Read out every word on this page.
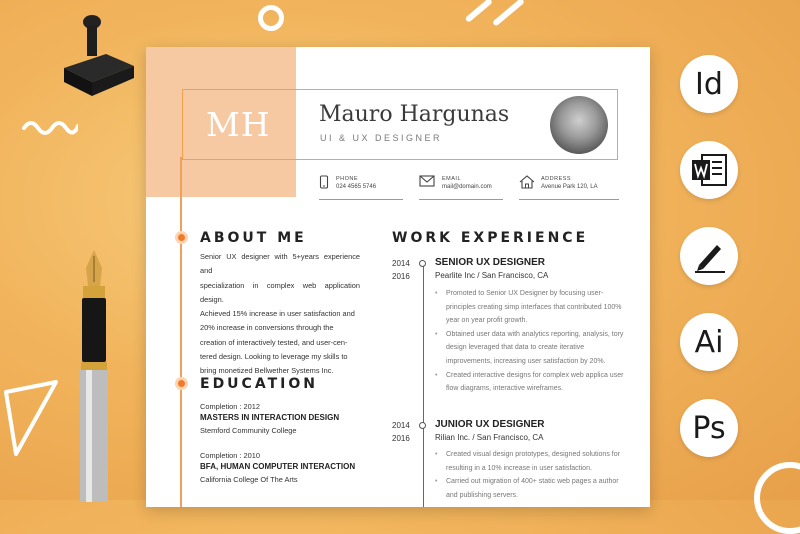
MH Mauro Hargunas
UI & UX DESIGNER
PHONE
024 4565 5746
EMAIL
mail@domain.com
ADDRESS
Avenue Park 120, LA
ABOUT ME
Senior UX designer with 5+years experience and
specialization in complex web application design.
Achieved 15% increase in user satisfaction and
20% increase in conversions through the
creation of interactively tested, and user-cen-
tered design. Looking to leverage my skills to
bring monetized Bellwether Systems Inc.
EDUCATION
Completion : 2012
MASTERS IN INTERACTION DESIGN
Stemford Community College
Completion : 2010
BFA, HUMAN COMPUTER INTERACTION
California College Of The Arts
WORK EXPERIENCE
2014
2016
SENIOR UX DESIGNER
Pearlite Inc / San Francisco, CA
• Promoted to Senior UX Designer by focusing user-principles creating simp interfaces that contributed 100% year on year profit growth.
• Obtained user data with analytics reporting, analysis, tory design leveraged that data to create iterative improvements, increasing user satisfaction by 20%.
• Created interactive designs for complex web applica user flow diagrams, interactive wireframes.
2014
2016
JUNIOR UX DESIGNER
Rilian Inc. / San Francisco, CA
• Created visual design prototypes, designed solutions for resulting in a 10% increase in user satisfaction.
• Carried out migration of 400+ static web pages a author and publishing servers.
Id
Ai
Ps
